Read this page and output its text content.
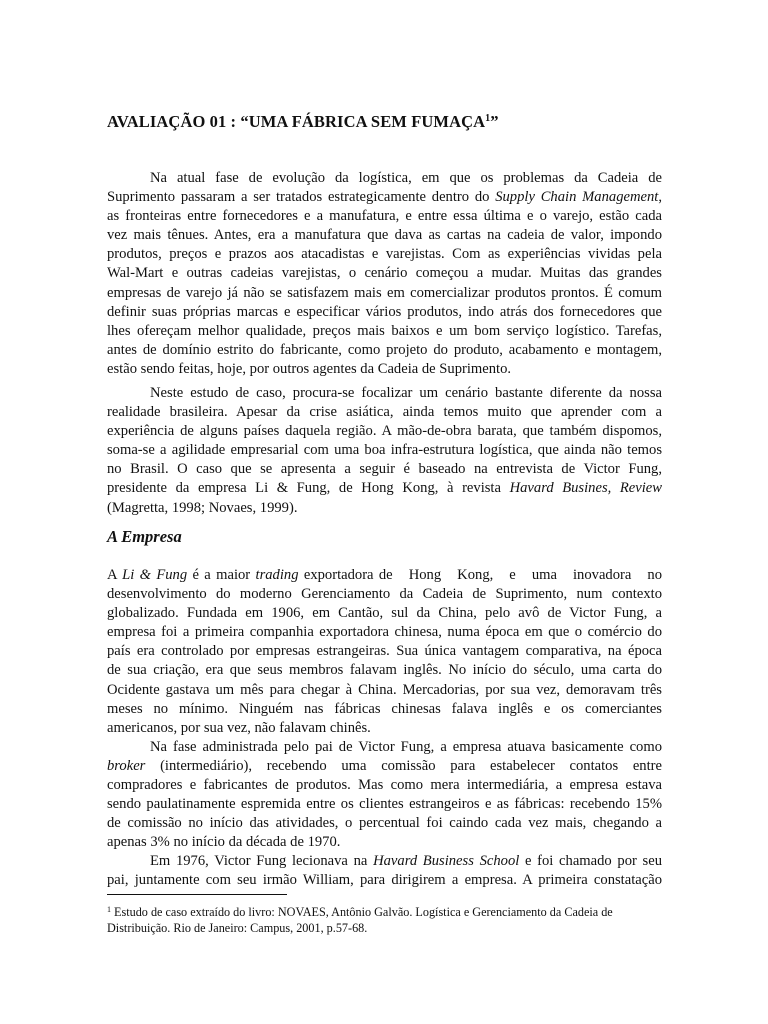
AVALIAÇÃO 01 : “UMA FÁBRICA SEM FUMAÇA$^1$”
Na atual fase de evolução da logística, em que os problemas da Cadeia de
Suprimento passaram a ser tratados estrategicamente dentro do Supply Chain Management,
as fronteiras entre fornecedores e a manufatura, e entre essa última e o varejo, estão cada
vez mais tênues. Antes, era a manufatura que dava as cartas na cadeia de valor, impondo
produtos, preços e prazos aos atacadistas e varejistas. Com as experiências vividas pela
Wal-Mart e outras cadeias varejistas, o cenário começou a mudar. Muitas das grandes
empresas de varejo já não se satisfazem mais em comercializar produtos prontos. É comum
definir suas próprias marcas e especificar vários produtos, indo atrás dos fornecedores que
lhes ofereçam melhor qualidade, preços mais baixos e um bom serviço logístico. Tarefas,
antes de domínio estrito do fabricante, como projeto do produto, acabamento e montagem,
estão sendo feitas, hoje, por outros agentes da Cadeia de Suprimento.
Neste estudo de caso, procura-se focalizar um cenário bastante diferente da nossa
realidade brasileira. Apesar da crise asiática, ainda temos muito que aprender com a
experiência de alguns países daquela região. A mão-de-obra barata, que também dispomos,
soma-se a agilidade empresarial com uma boa infra-estrutura logística, que ainda não temos
no Brasil. O caso que se apresenta a seguir é baseado na entrevista de Victor Fung,
presidente da empresa Li & Fung, de Hong Kong, à revista Havard Busines, Review
(Magretta, 1998; Novaes, 1999).
A Empresa
A Li & Fung é a maior trading exportadora de   Hong   Kong,   e   uma   inovadora   no
desenvolvimento do moderno Gerenciamento da Cadeia de Suprimento, num contexto
globalizado. Fundada em 1906, em Cantão, sul da China, pelo avô de Victor Fung, a
empresa foi a primeira companhia exportadora chinesa, numa época em que o comércio do
país era controlado por empresas estrangeiras. Sua única vantagem comparativa, na época
de sua criação, era que seus membros falavam inglês. No início do século, uma carta do
Ocidente gastava um mês para chegar à China. Mercadorias, por sua vez, demoravam três
meses no mínimo. Ninguém nas fábricas chinesas falava inglês e os comerciantes
americanos, por sua vez, não falavam chinês.
Na fase administrada pelo pai de Victor Fung, a empresa atuava basicamente como
broker (intermediário), recebendo uma comissão para estabelecer contatos entre
compradores e fabricantes de produtos. Mas como mera intermediária, a empresa estava
sendo paulatinamente espremida entre os clientes estrangeiros e as fábricas: recebendo 15%
de comissão no início das atividades, o percentual foi caindo cada vez mais, chegando a
apenas 3% no início da década de 1970.
Em 1976, Victor Fung lecionava na Havard Business School e foi chamado por seu
pai, juntamente com seu irmão William, para dirigirem a empresa. A primeira constatação
$^1$ Estudo de caso extraído do livro: NOVAES, Antônio Galvão. Logística e Gerenciamento da Cadeia de
Distribuição. Rio de Janeiro: Campus, 2001, p.57-68.
